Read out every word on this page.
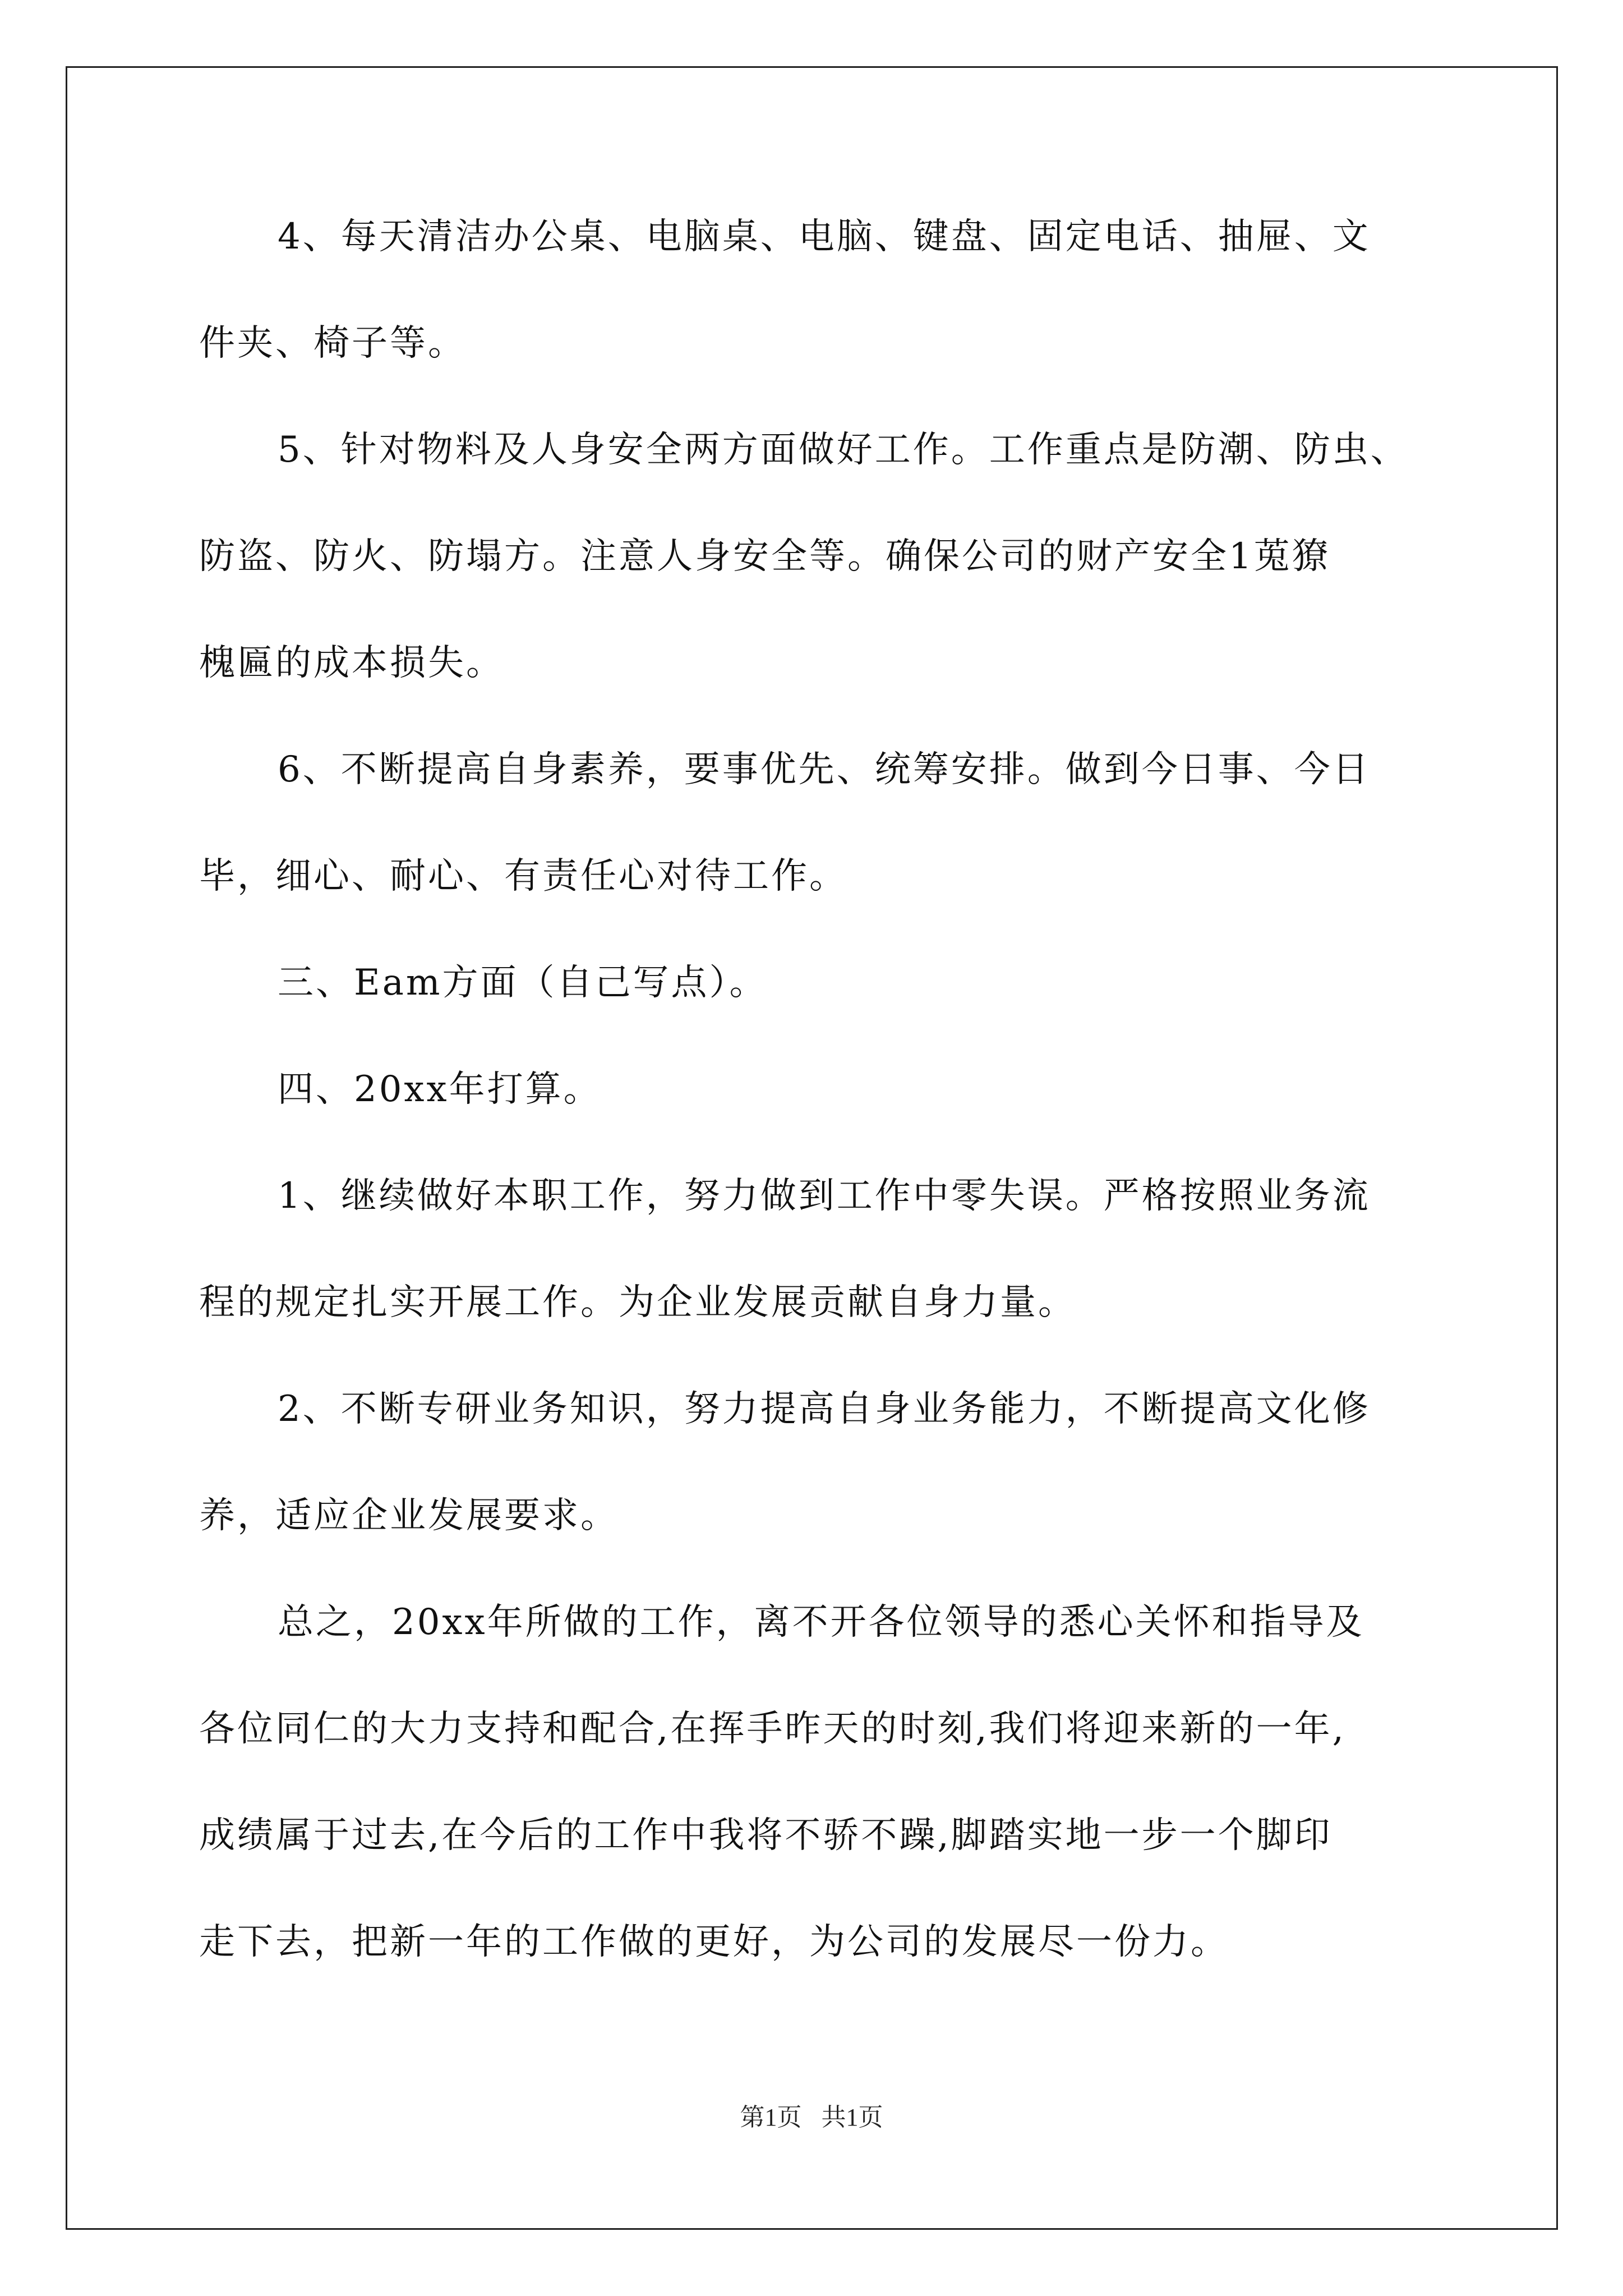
4、每天清洁办公桌、电脑桌、电脑、键盘、固定电话、抽屉、文
件夹、椅子等。
5、针对物料及人身安全两方面做好工作。工作重点是防潮、防虫、
防盗、防火、防塌方。注意人身安全等。确保公司的财产安全1莵獠
槐匾的成本损失。
6、不断提高自身素养，要事优先、统筹安排。做到今日事、今日
毕，细心、耐心、有责任心对待工作。
三、Eam方面（自己写点）。
四、20xx年打算。
1、继续做好本职工作，努力做到工作中零失误。严格按照业务流
程的规定扎实开展工作。为企业发展贡献自身力量。
2、不断专研业务知识，努力提高自身业务能力，不断提高文化修
养，适应企业发展要求。
总之，20xx年所做的工作，离不开各位领导的悉心关怀和指导及
各位同仁的大力支持和配合,在挥手昨天的时刻,我们将迎来新的一年,
成绩属于过去,在今后的工作中我将不骄不躁,脚踏实地一步一个脚印
走下去，把新一年的工作做的更好，为公司的发展尽一份力。
第1页 共1页
